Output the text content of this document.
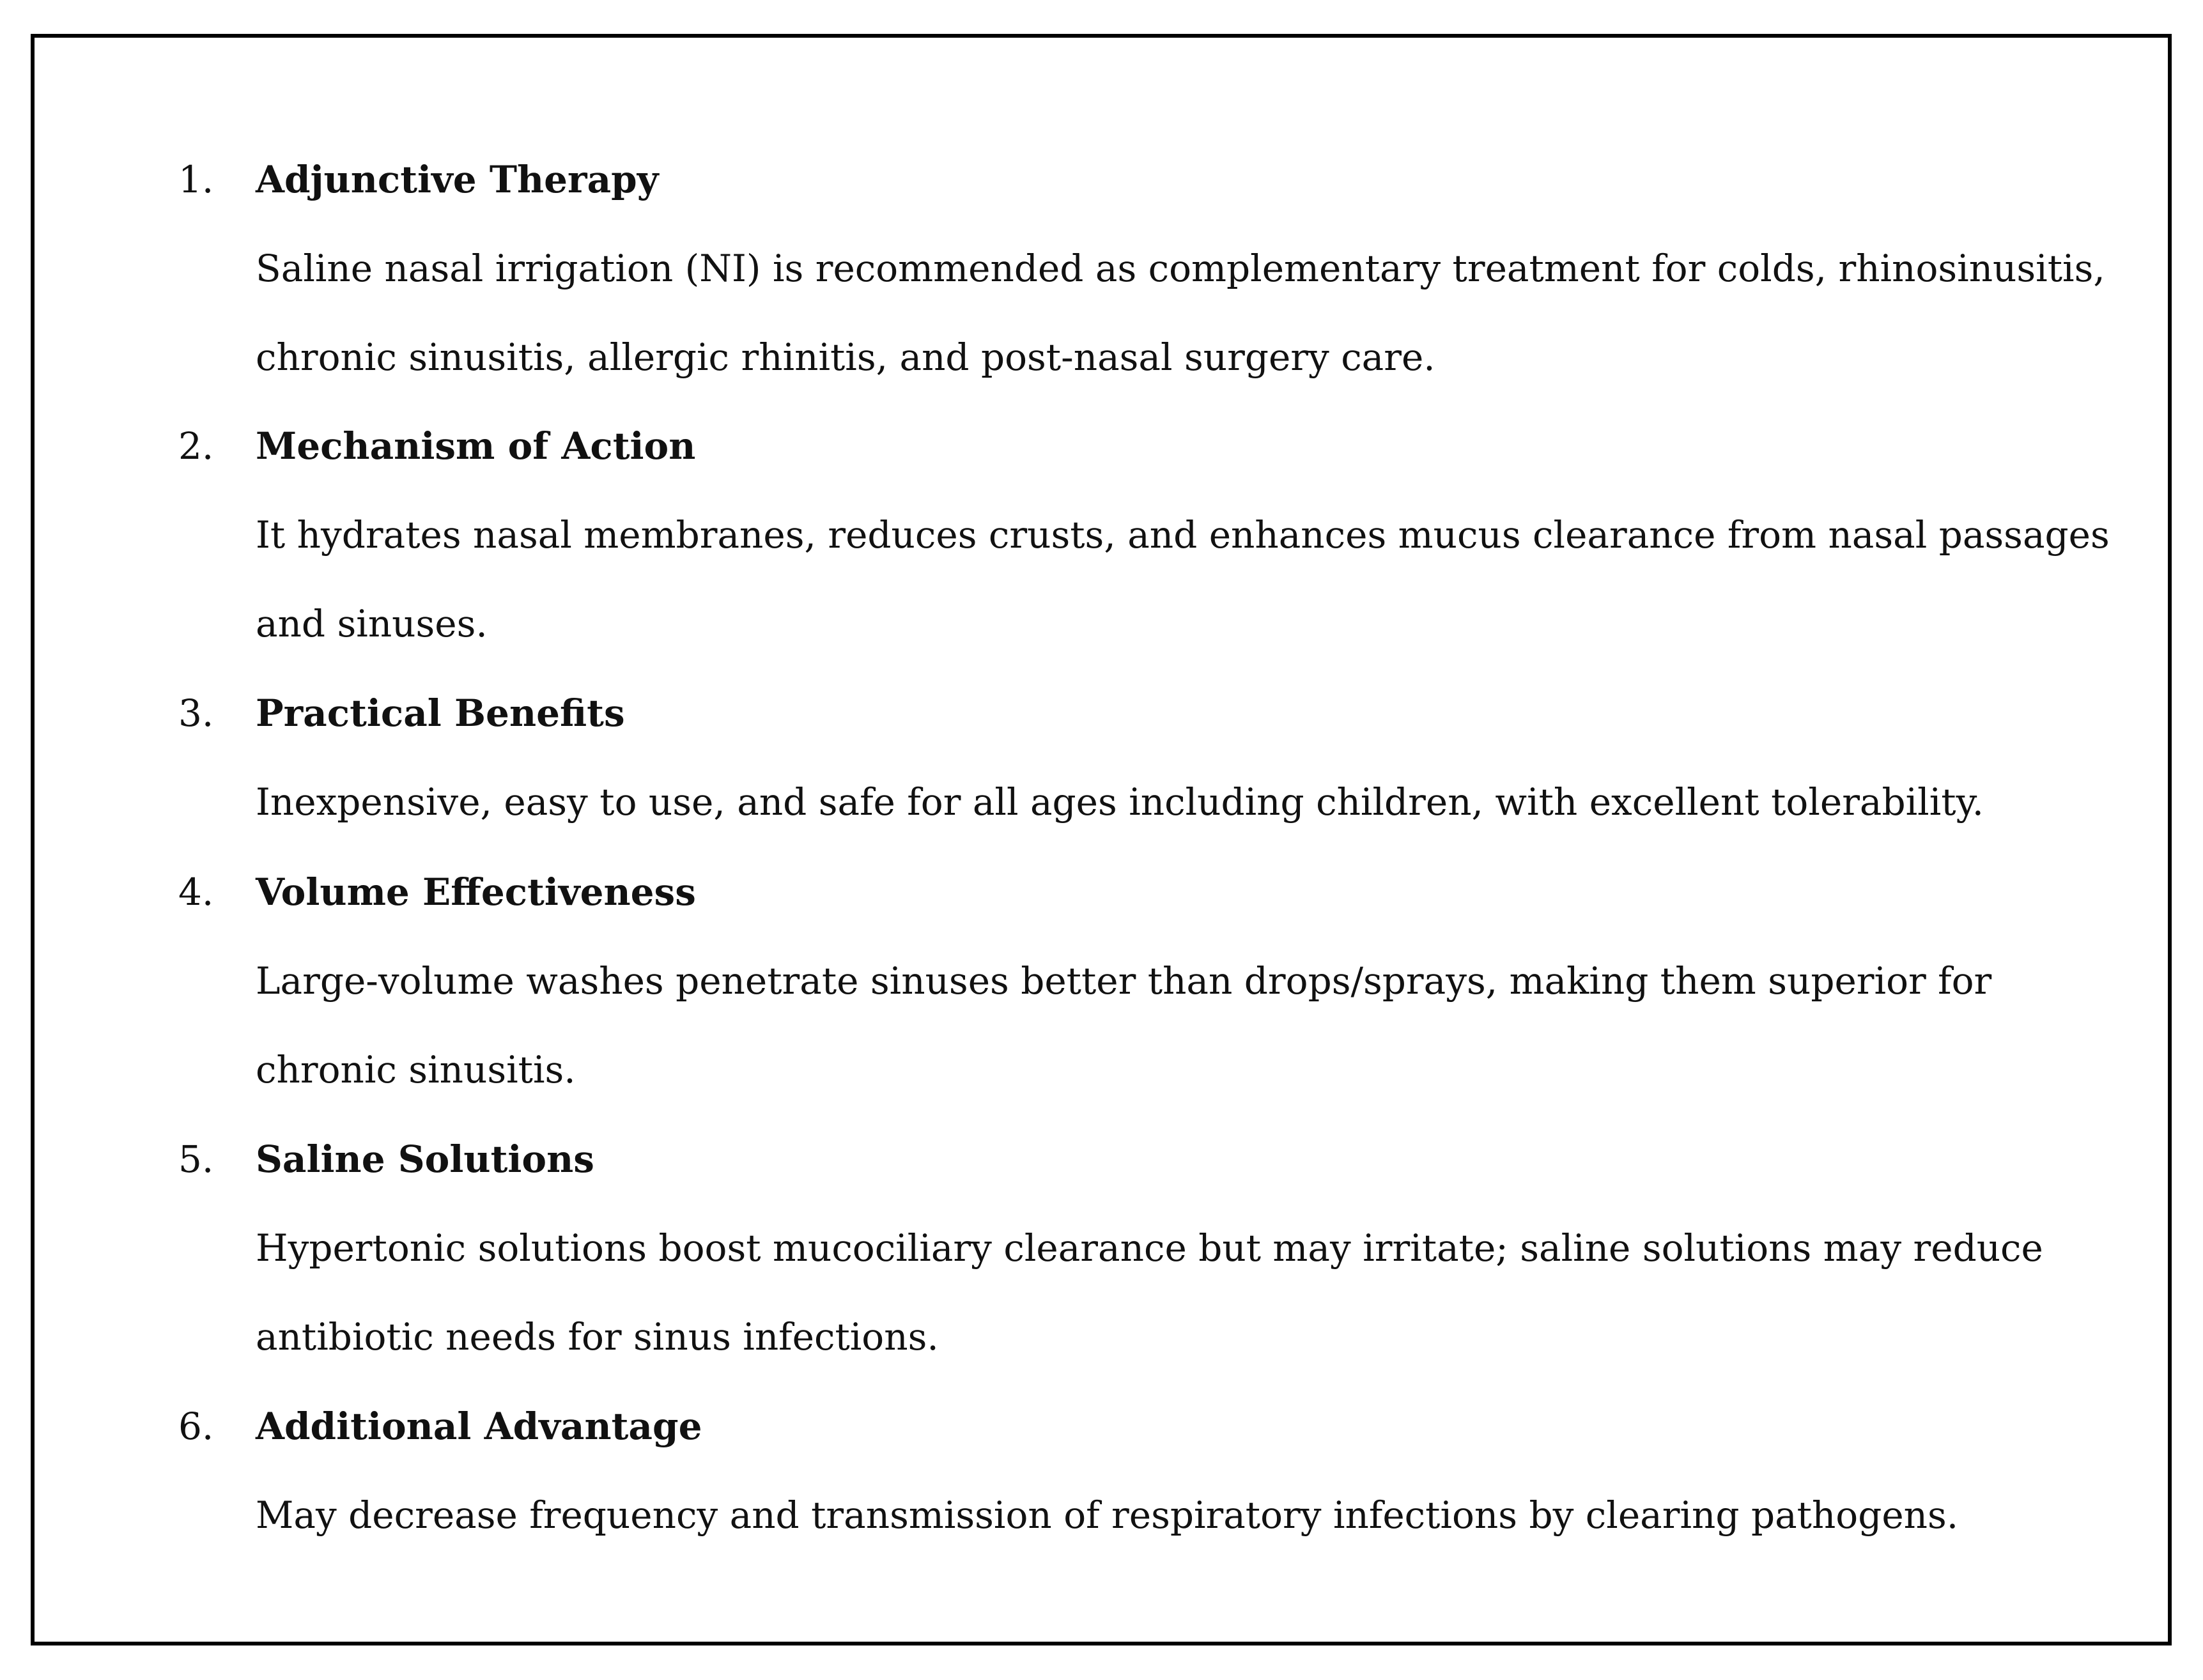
1. Adjunctive Therapy

Saline nasal irrigation (NI) is recommended as complementary treatment for colds, rhinosinusitis, chronic sinusitis, allergic rhinitis, and post-nasal surgery care.

2. Mechanism of Action

It hydrates nasal membranes, reduces crusts, and enhances mucus clearance from nasal passages and sinuses.

3. Practical Benefits

Inexpensive, easy to use, and safe for all ages including children, with excellent tolerability.

4. Volume Effectiveness

Large-volume washes penetrate sinuses better than drops/sprays, making them superior for chronic sinusitis.

5. Saline Solutions

Hypertonic solutions boost mucociliary clearance but may irritate; saline solutions may reduce antibiotic needs for sinus infections.

6. Additional Advantage

May decrease frequency and transmission of respiratory infections by clearing pathogens.
